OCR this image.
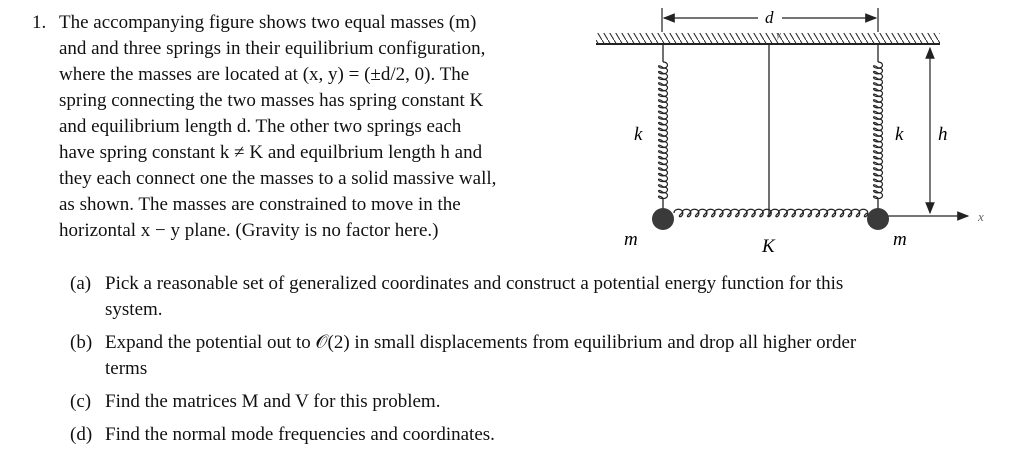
1. The accompanying figure shows two equal masses (m)
and and three springs in their equilibrium configuration,
where the masses are located at (x, y) = (±d/2, 0). The
spring connecting the two masses has spring constant K
and equilibrium length d. The other two springs each
have spring constant k ≠ K and equilbrium length h and
they each connect one the masses to a solid massive wall,
as shown. The masses are constrained to move in the
horizontal x − y plane. (Gravity is no factor here.)
d
y
x
k	k h
K
m	m
(a) Pick a reasonable set of generalized coordinates and construct a potential energy function for this
system.
(b) Expand the potential out to 𝒪(2) in small displacements from equilibrium and drop all higher order
terms
(c) Find the matrices M and V for this problem.
(d) Find the normal mode frequencies and coordinates.
